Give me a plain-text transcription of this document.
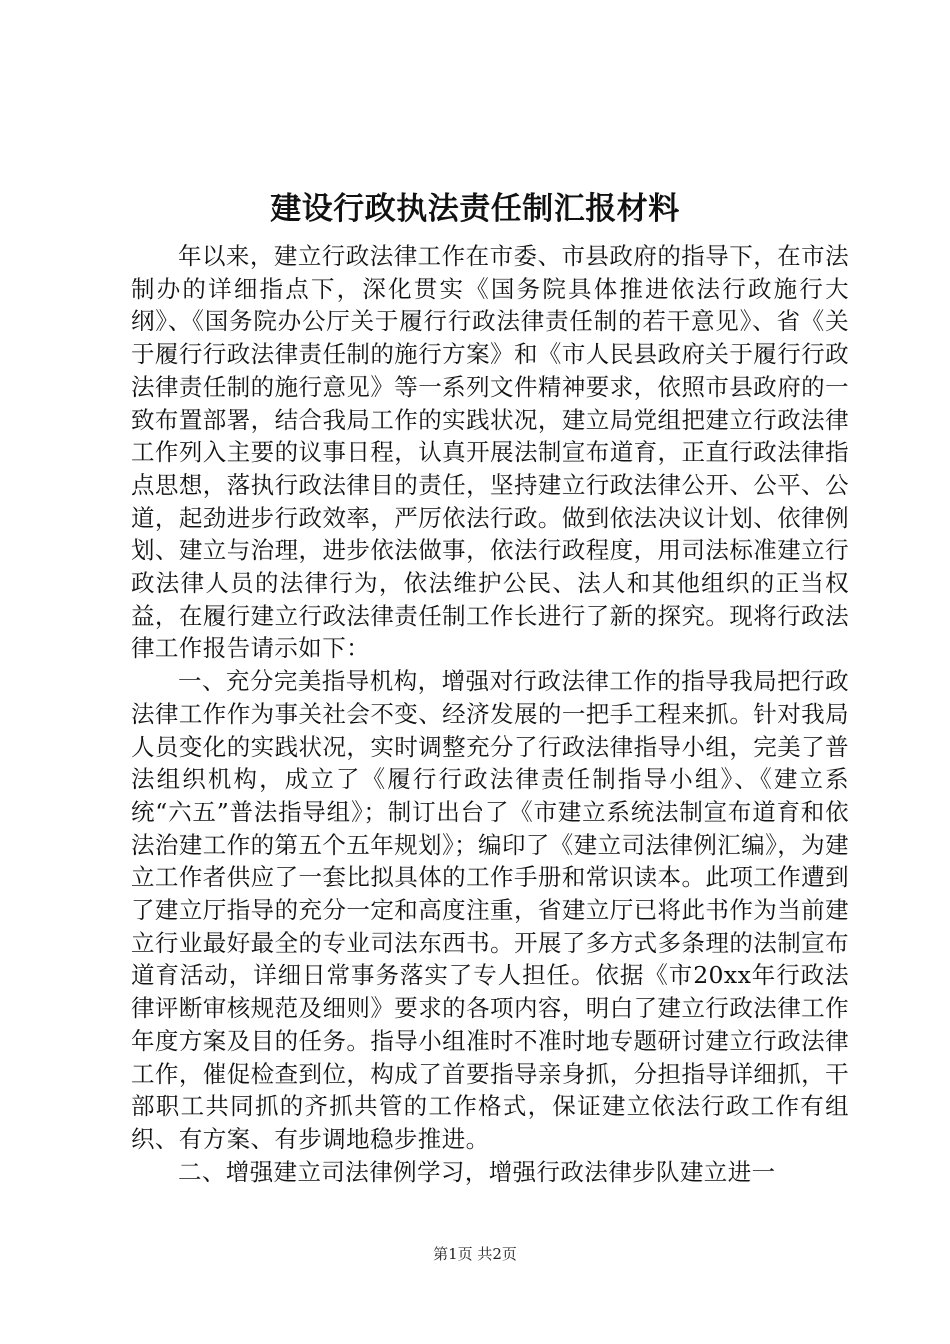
建设行政执法责任制汇报材料

年以来，建立行政法律工作在市委、市县政府的指导下，在市法制办的详细指点下，深化贯实《国务院具体推进依法行政施行大纲》、《国务院办公厅关于履行行政法律责任制的若干意见》、省《关于履行行政法律责任制的施行方案》和《市人民县政府关于履行行政法律责任制的施行意见》等一系列文件精神要求，依照市县政府的一致布置部署，结合我局工作的实践状况，建立局党组把建立行政法律工作列入主要的议事日程，认真开展法制宣布道育，正直行政法律指点思想，落执行政法律目的责任，坚持建立行政法律公开、公平、公道，起劲进步行政效率，严厉依法行政。做到依法决议计划、依律例划、建立与治理，进步依法做事，依法行政程度，用司法标准建立行政法律人员的法律行为，依法维护公民、法人和其他组织的正当权益，在履行建立行政法律责任制工作长进行了新的探究。现将行政法律工作报告请示如下：

一、充分完美指导机构，增强对行政法律工作的指导我局把行政法律工作作为事关社会不变、经济发展的一把手工程来抓。针对我局人员变化的实践状况，实时调整充分了行政法律指导小组，完美了普法组织机构，成立了《履行行政法律责任制指导小组》、《建立系统“六五”普法指导组》；制订出台了《市建立系统法制宣布道育和依法治建工作的第五个五年规划》；编印了《建立司法律例汇编》，为建立工作者供应了一套比拟具体的工作手册和常识读本。此项工作遭到了建立厅指导的充分一定和高度注重，省建立厅已将此书作为当前建立行业最好最全的专业司法东西书。开展了多方式多条理的法制宣布道育活动，详细日常事务落实了专人担任。依据《市20xx年行政法律评断审核规范及细则》要求的各项内容，明白了建立行政法律工作年度方案及目的任务。指导小组准时不准时地专题研讨建立行政法律工作，催促检查到位，构成了首要指导亲身抓，分担指导详细抓，干部职工共同抓的齐抓共管的工作格式，保证建立依法行政工作有组织、有方案、有步调地稳步推进。

二、增强建立司法律例学习，增强行政法律步队建立进一

第1页 共2页
